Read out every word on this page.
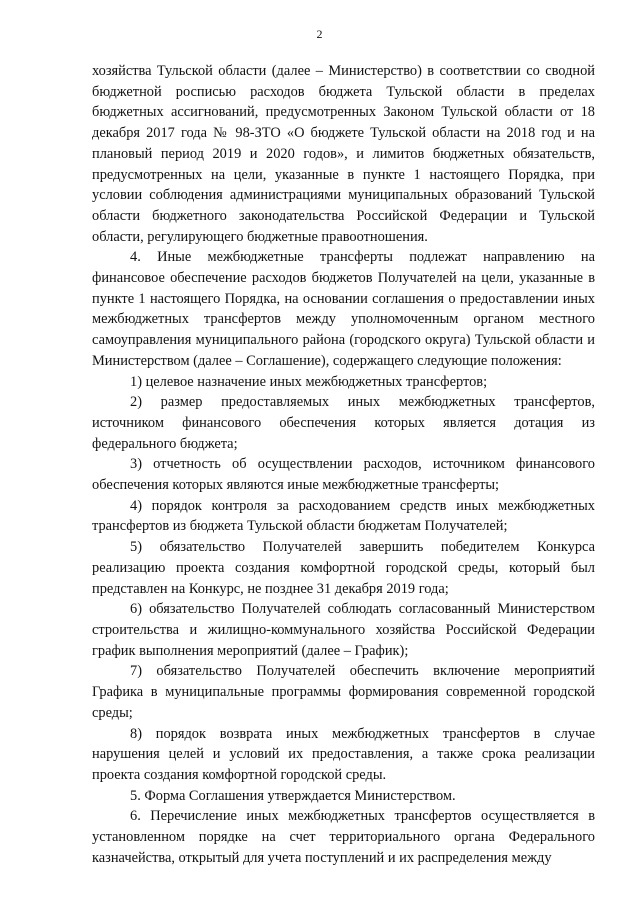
2

хозяйства Тульской области (далее – Министерство) в соответствии со сводной бюджетной росписью расходов бюджета Тульской области в пределах бюджетных ассигнований, предусмотренных Законом Тульской области от 18 декабря 2017 года № 98-ЗТО «О бюджете Тульской области на 2018 год и на плановый период 2019 и 2020 годов», и лимитов бюджетных обязательств, предусмотренных на цели, указанные в пункте 1 настоящего Порядка, при условии соблюдения администрациями муниципальных образований Тульской области бюджетного законодательства Российской Федерации и Тульской области, регулирующего бюджетные правоотношения.

4. Иные межбюджетные трансферты подлежат направлению на финансовое обеспечение расходов бюджетов Получателей на цели, указанные в пункте 1 настоящего Порядка, на основании соглашения о предоставлении иных межбюджетных трансфертов между уполномоченным органом местного самоуправления муниципального района (городского округа) Тульской области и Министерством (далее – Соглашение), содержащего следующие положения:

1) целевое назначение иных межбюджетных трансфертов;

2) размер предоставляемых иных межбюджетных трансфертов, источником финансового обеспечения которых является дотация из федерального бюджета;

3) отчетность об осуществлении расходов, источником финансового обеспечения которых являются иные межбюджетные трансферты;

4) порядок контроля за расходованием средств иных межбюджетных трансфертов из бюджета Тульской области бюджетам Получателей;

5) обязательство Получателей завершить победителем Конкурса реализацию проекта создания комфортной городской среды, который был представлен на Конкурс, не позднее 31 декабря 2019 года;

6) обязательство Получателей соблюдать согласованный Министерством строительства и жилищно-коммунального хозяйства Российской Федерации график выполнения мероприятий (далее – График);

7) обязательство Получателей обеспечить включение мероприятий Графика в муниципальные программы формирования современной городской среды;

8) порядок возврата иных межбюджетных трансфертов в случае нарушения целей и условий их предоставления, а также срока реализации проекта создания комфортной городской среды.

5. Форма Соглашения утверждается Министерством.

6. Перечисление иных межбюджетных трансфертов осуществляется в установленном порядке на счет территориального органа Федерального казначейства, открытый для учета поступлений и их распределения между
